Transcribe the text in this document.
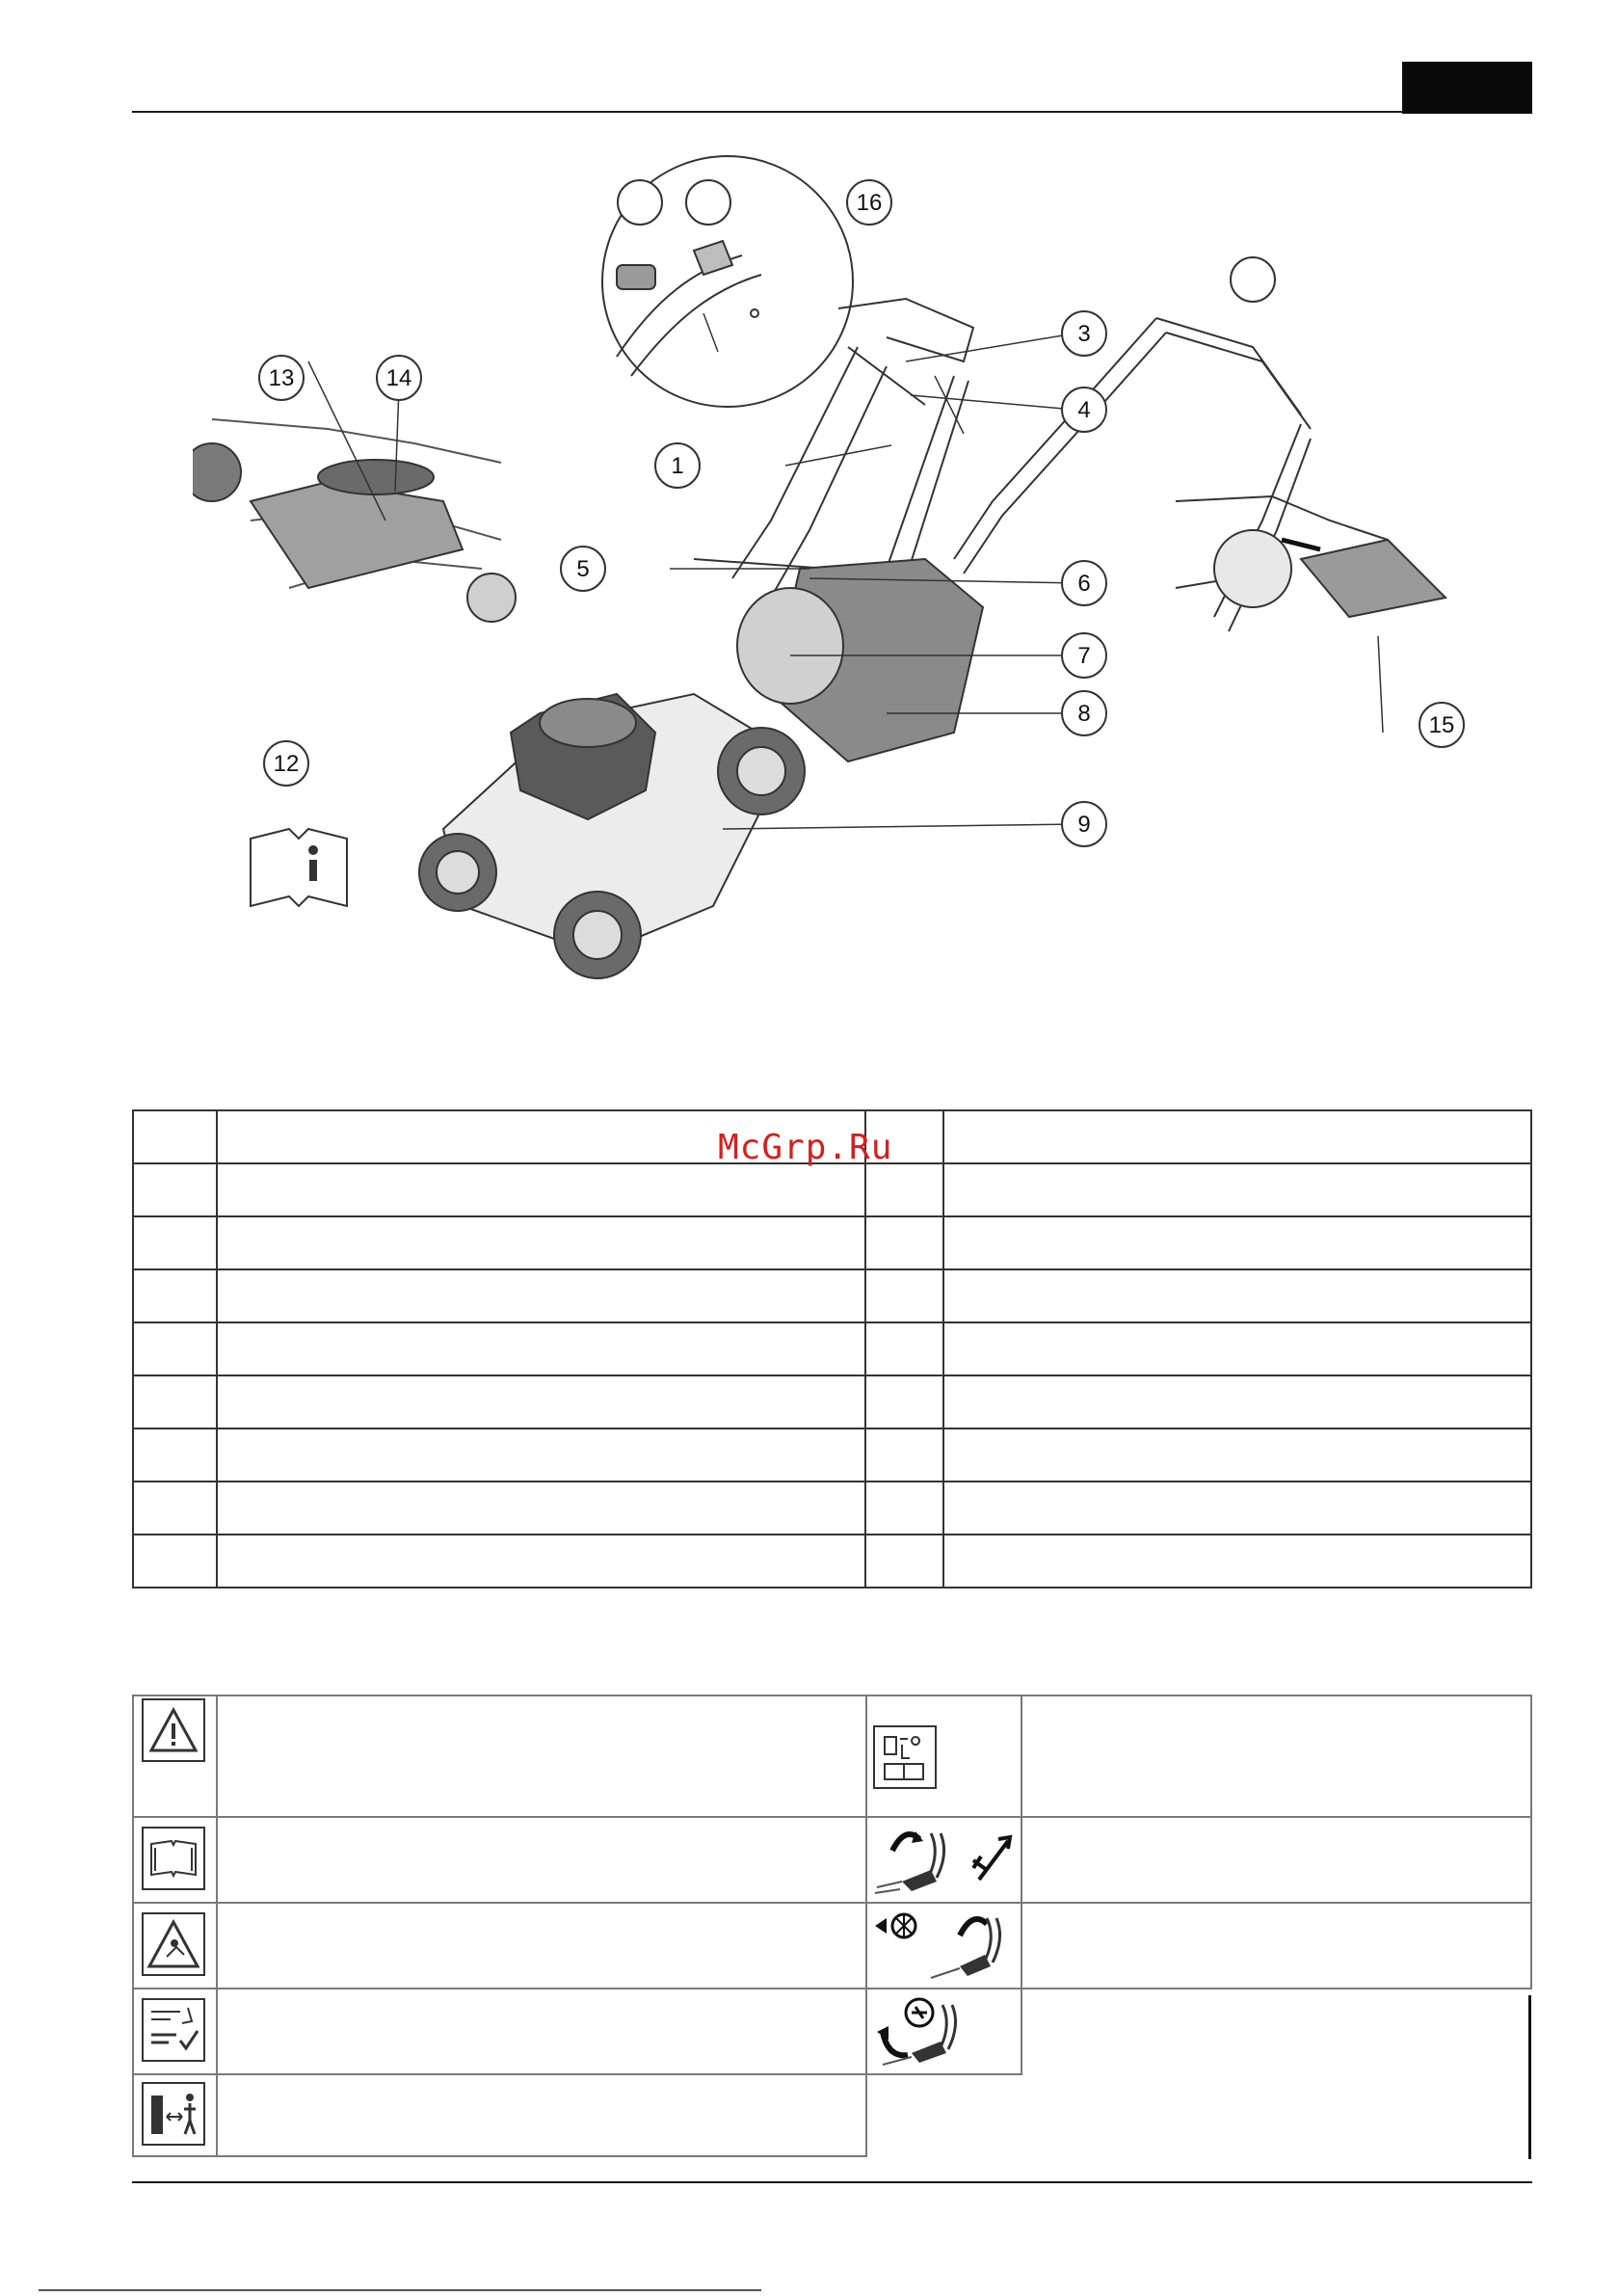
16
3
4
1
5
6
7
8
9
13	14
12
15

McGrp.Ru
